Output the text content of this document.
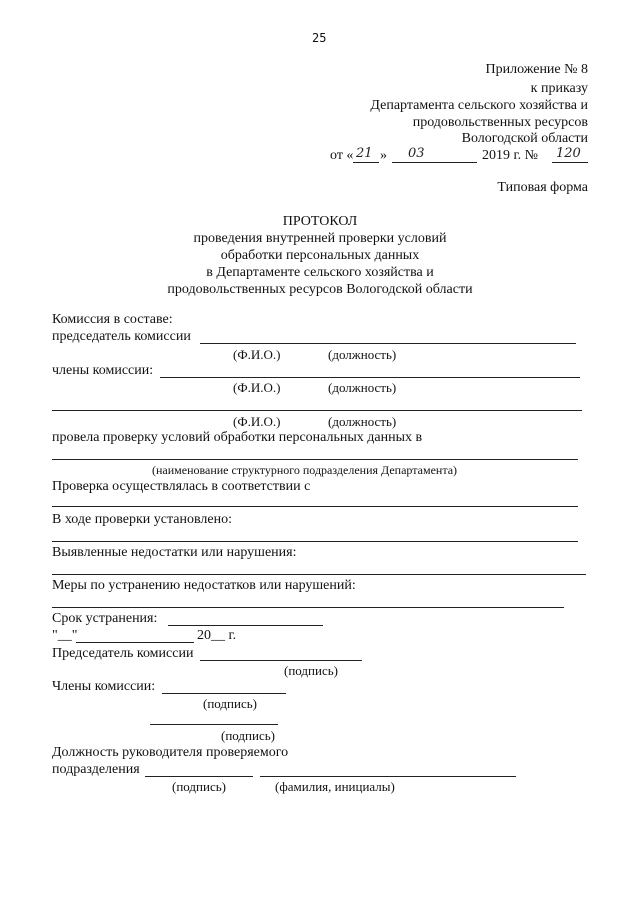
25
Приложение № 8
к приказу
Департамента сельского хозяйства и
продовольственных ресурсов
Вологодской области
от « 21 » 03	2019 г. № 120
Типовая форма
ПРОТОКОЛ
проведения внутренней проверки условий
обработки персональных данных
в Департаменте сельского хозяйства и
продовольственных ресурсов Вологодской области
Комиссия в составе:
председатель комиссии
(Ф.И.О.)	(должность)
члены комиссии:
(Ф.И.О.)	(должность)
(Ф.И.О.)	(должность)
провела проверку условий обработки персональных данных в
(наименование структурного подразделения Департамента)
Проверка осуществлялась в соответствии с
В ходе проверки установлено:
Выявленные недостатки или нарушения:
Меры по устранению недостатков или нарушений:
Срок устранения:
"__"	20__ г.
Председатель комиссии
(подпись)
Члены комиссии:
(подпись)
(подпись)
Должность руководителя проверяемого
подразделения
(подпись)	(фамилия, инициалы)
